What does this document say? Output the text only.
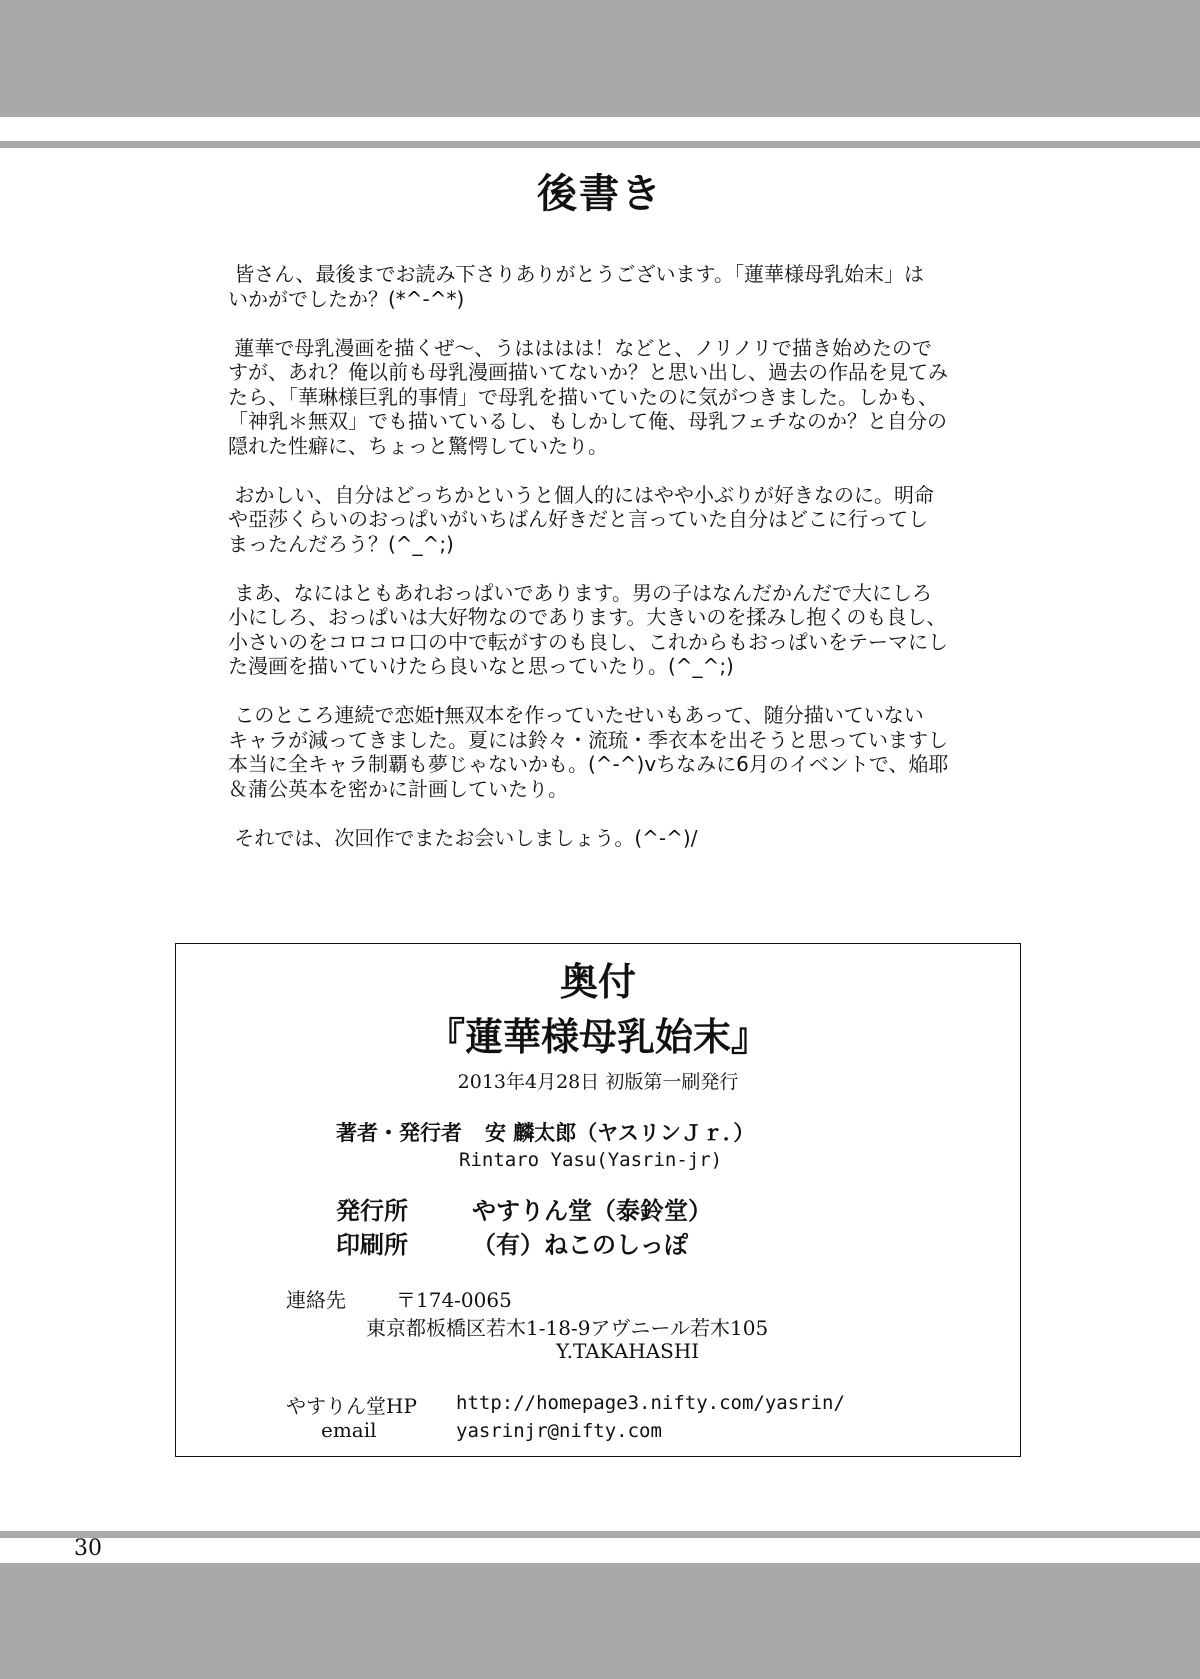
後書き

皆さん、最後までお読み下さりありがとうございます。「蓮華様母乳始末」は
いかがでしたか？(*^-^*)

蓮華で母乳漫画を描くぜ〜、うはははは！などと、ノリノリで描き始めたので
すが、あれ？俺以前も母乳漫画描いてないか？と思い出し、過去の作品を見てみ
たら、「華琳様巨乳的事情」で母乳を描いていたのに気がつきました。しかも、
「神乳＊無双」でも描いているし、もしかして俺、母乳フェチなのか？と自分の
隠れた性癖に、ちょっと驚愕していたり。

おかしい、自分はどっちかというと個人的にはやや小ぶりが好きなのに。明命
や亞莎くらいのおっぱいがいちばん好きだと言っていた自分はどこに行ってし
まったんだろう？(^_^;)

まあ、なにはともあれおっぱいであります。男の子はなんだかんだで大にしろ
小にしろ、おっぱいは大好物なのであります。大きいのを揉みし抱くのも良し、
小さいのをコロコロ口の中で転がすのも良し、これからもおっぱいをテーマにし
た漫画を描いていけたら良いなと思っていたり。(^_^;)

このところ連続で恋姫†無双本を作っていたせいもあって、随分描いていない
キャラが減ってきました。夏には鈴々・流琉・季衣本を出そうと思っていますし
本当に全キャラ制覇も夢じゃないかも。(^-^)vちなみに6月のイベントで、焔耶
＆蒲公英本を密かに計画していたり。

それでは、次回作でまたお会いしましょう。(^-^)/

奥付
『蓮華様母乳始末』
2013年4月28日 初版第一刷発行
著者・発行者 安 麟太郎（ヤスリンＪｒ．）
Rintaro Yasu(Yasrin-jr)
発行所	やすりん堂（泰鈴堂）
印刷所	（有）ねこのしっぽ
連絡先	〒174-0065
東京都板橋区若木1-18-9アヴニール若木105
Y.TAKAHASHI
やすりん堂HP http://homepage3.nifty.com/yasrin/
email	yasrinjr@nifty.com
30
